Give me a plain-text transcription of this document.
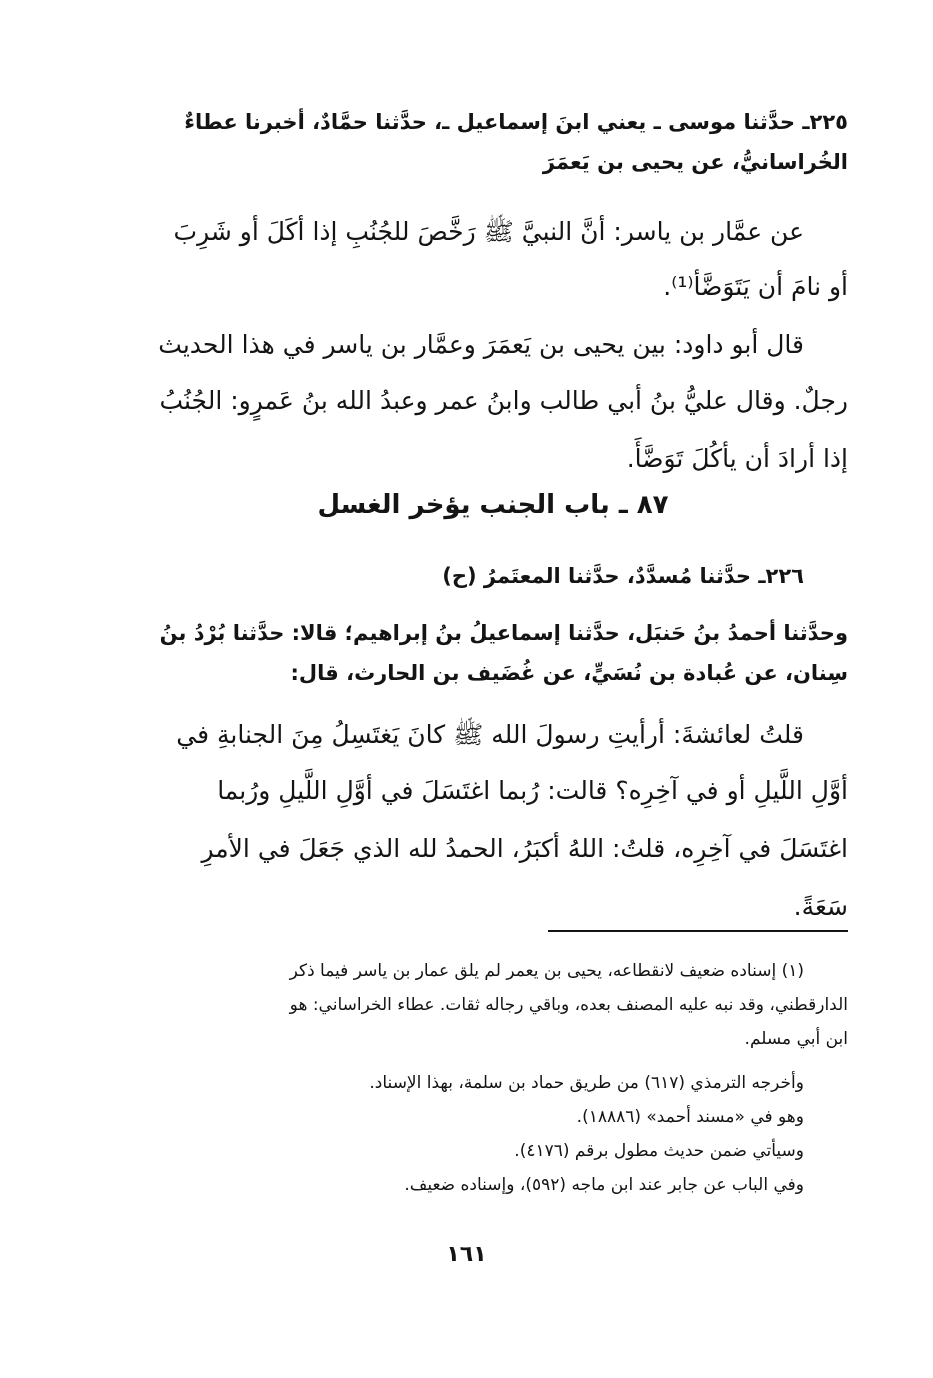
٢٢٥ـ حدَّثنا موسى ـ يعني ابنَ إسماعيل ـ، حدَّثنا حمَّادٌ، أخبرنا عطاءٌ
الخُراسانيُّ، عن يحيى بن يَعمَرَ
عن عمَّار بن ياسر: أنَّ النبيَّ ﷺ رَخَّصَ للجُنُبِ إذا أكَلَ أو شَرِبَ
أو نامَ أن يَتَوَضَّأ⁽¹⁾.
قال أبو داود: بين يحيى بن يَعمَرَ وعمَّار بن ياسر في هذا الحديث
رجلٌ. وقال عليُّ بنُ أبي طالب وابنُ عمر وعبدُ الله بنُ عَمرٍو: الجُنُبُ
إذا أرادَ أن يأكُلَ تَوَضَّأَ.
٨٧ ـ باب الجنب يؤخر الغسل
٢٢٦ـ حدَّثنا مُسدَّدٌ، حدَّثنا المعتَمرُ (ح)
وحدَّثنا أحمدُ بنُ حَنبَل، حدَّثنا إسماعيلُ بنُ إبراهيم؛ قالا: حدَّثنا بُرْدُ بنُ
سِنان، عن عُبادة بن نُسَيٍّ، عن غُضَيف بن الحارث، قال:
قلتُ لعائشةَ: أرأيتِ رسولَ الله ﷺ كانَ يَغتَسِلُ مِنَ الجنابةِ في
أوَّلِ اللَّيلِ أو في آخِرِه؟ قالت: رُبما اغتَسَلَ في أوَّلِ اللَّيلِ ورُبما
اغتَسَلَ في آخِرِه، قلتُ: اللهُ أكبَرُ، الحمدُ لله الذي جَعَلَ في الأمرِ
سَعَةً.
(١) إسناده ضعيف لانقطاعه، يحيى بن يعمر لم يلق عمار بن ياسر فيما ذكر
الدارقطني، وقد نبه عليه المصنف بعده، وباقي رجاله ثقات. عطاء الخراساني: هو
ابن أبي مسلم.
وأخرجه الترمذي (٦١٧) من طريق حماد بن سلمة، بهذا الإسناد.
وهو في «مسند أحمد» (١٨٨٨٦).
وسيأتي ضمن حديث مطول برقم (٤١٧٦).
وفي الباب عن جابر عند ابن ماجه (٥٩٢)، وإسناده ضعيف.
١٦١
